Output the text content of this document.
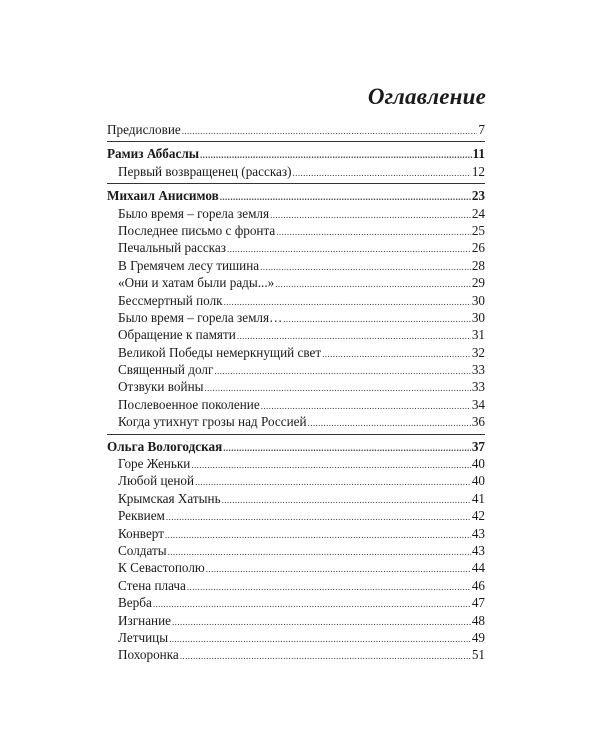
Оглавление
Предисловие .....	7
Рамиз Аббаслы .....	11
Первый возвращенец (рассказ) .....	12
Михаил Анисимов .....	23
Было время – горела земля .....	24
Последнее письмо с фронта .....	25
Печальный рассказ .....	26
В Гремячем лесу тишина .....	28
«Они и хатам были рады...» .....	29
Бессмертный полк .....	30
Было время – горела земля… .....	30
Обращение к памяти .....	31
Великой Победы немеркнущий свет .....	32
Священный долг .....	33
Отзвуки войны .....	33
Послевоенное поколение .....	34
Когда утихнут грозы над Россией .....	36
Ольга Вологодская .....	37
Горе Женьки .....	40
Любой ценой .....	40
Крымская Хатынь .....	41
Реквием .....	42
Конверт .....	43
Солдаты .....	43
К Севастополю .....	44
Стена плача .....	46
Верба .....	47
Изгнание .....	48
Летчицы .....	49
Похоронка .....	51
